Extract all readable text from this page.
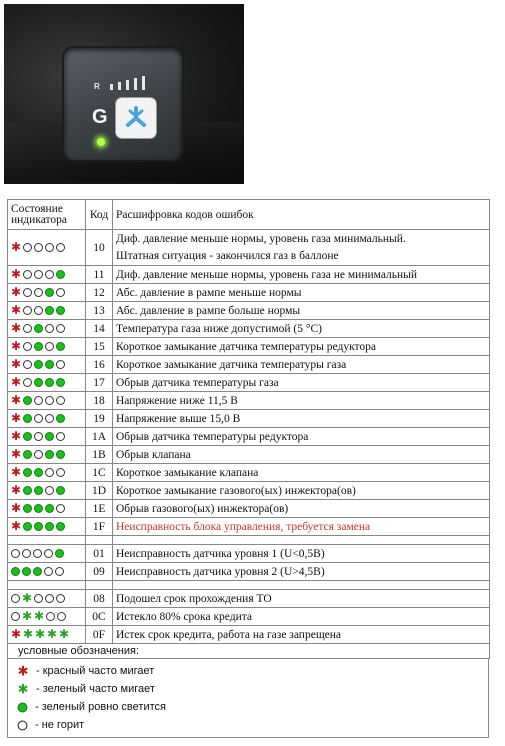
R
G
Состояние индикатора	Код	Расшифровка кодов ошибок

✱	10	Диф. давление меньше нормы, уровень газа минимальный.
Штатная ситуация - закончился газ в баллоне

✱	11	Диф. давление меньше нормы, уровень газа не минимальный

✱	12	Абс. давление в рампе меньше нормы

✱	13	Абс. давление в рампе больше нормы

✱	14	Температура газа ниже допустимой (5 °С)

✱	15	Короткое замыкание датчика температуры редуктора

✱	16	Короткое замыкание датчика температуры газа

✱	17	Обрыв датчика температуры газа

✱	18	Напряжение ниже 11,5 В

✱	19	Напряжение выше 15,0 В

✱	1A	Обрыв датчика температуры редуктора

✱	1B	Обрыв клапана

✱	1C	Короткое замыкание клапана

✱	1D	Короткое замыкание газового(ых) инжектора(ов)

✱	1E	Обрыв газового(ых) инжектора(ов)

✱	1F	Неисправность блока управления, требуется замена

	01	Неисправность датчика уровня 1 (U<0,5В)

	09	Неисправность датчика уровня 2 (U>4,5В)

✱	08	Подошел срок прохождения ТО

✱ ✱	0C	Истекло 80% срока кредита

✱ ✱ ✱ ✱ ✱	0F	Истек срок кредита, работа на газе запрещена

условные обозначения:		
✱ - красный часто мигает
✱ - зеленый часто мигает
- зеленый ровно светится
- не горит
